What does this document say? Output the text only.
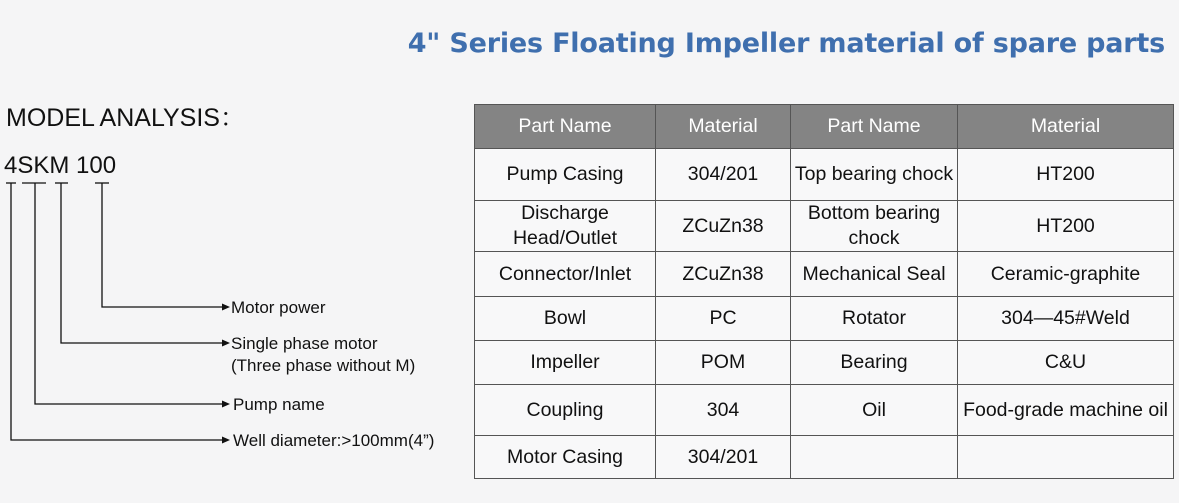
4" Series Floating Impeller material of spare parts
MODEL ANALYSIS：
4SKM 100
Motor power
Single phase motor
(Three phase without M)
Pump name
Well diameter:>100mm(4”)
Part Name	Material	Part Name	Material
Pump Casing	304/201	Top bearing chock	HT200
Discharge Head/Outlet	ZCuZn38	Bottom bearing chock	HT200
Connector/Inlet	ZCuZn38	Mechanical Seal	Ceramic-graphite
Bowl	PC	Rotator	304—45#Weld
Impeller	POM	Bearing	C&U
Coupling	304	Oil	Food-grade machine oil
Motor Casing	304/201		
